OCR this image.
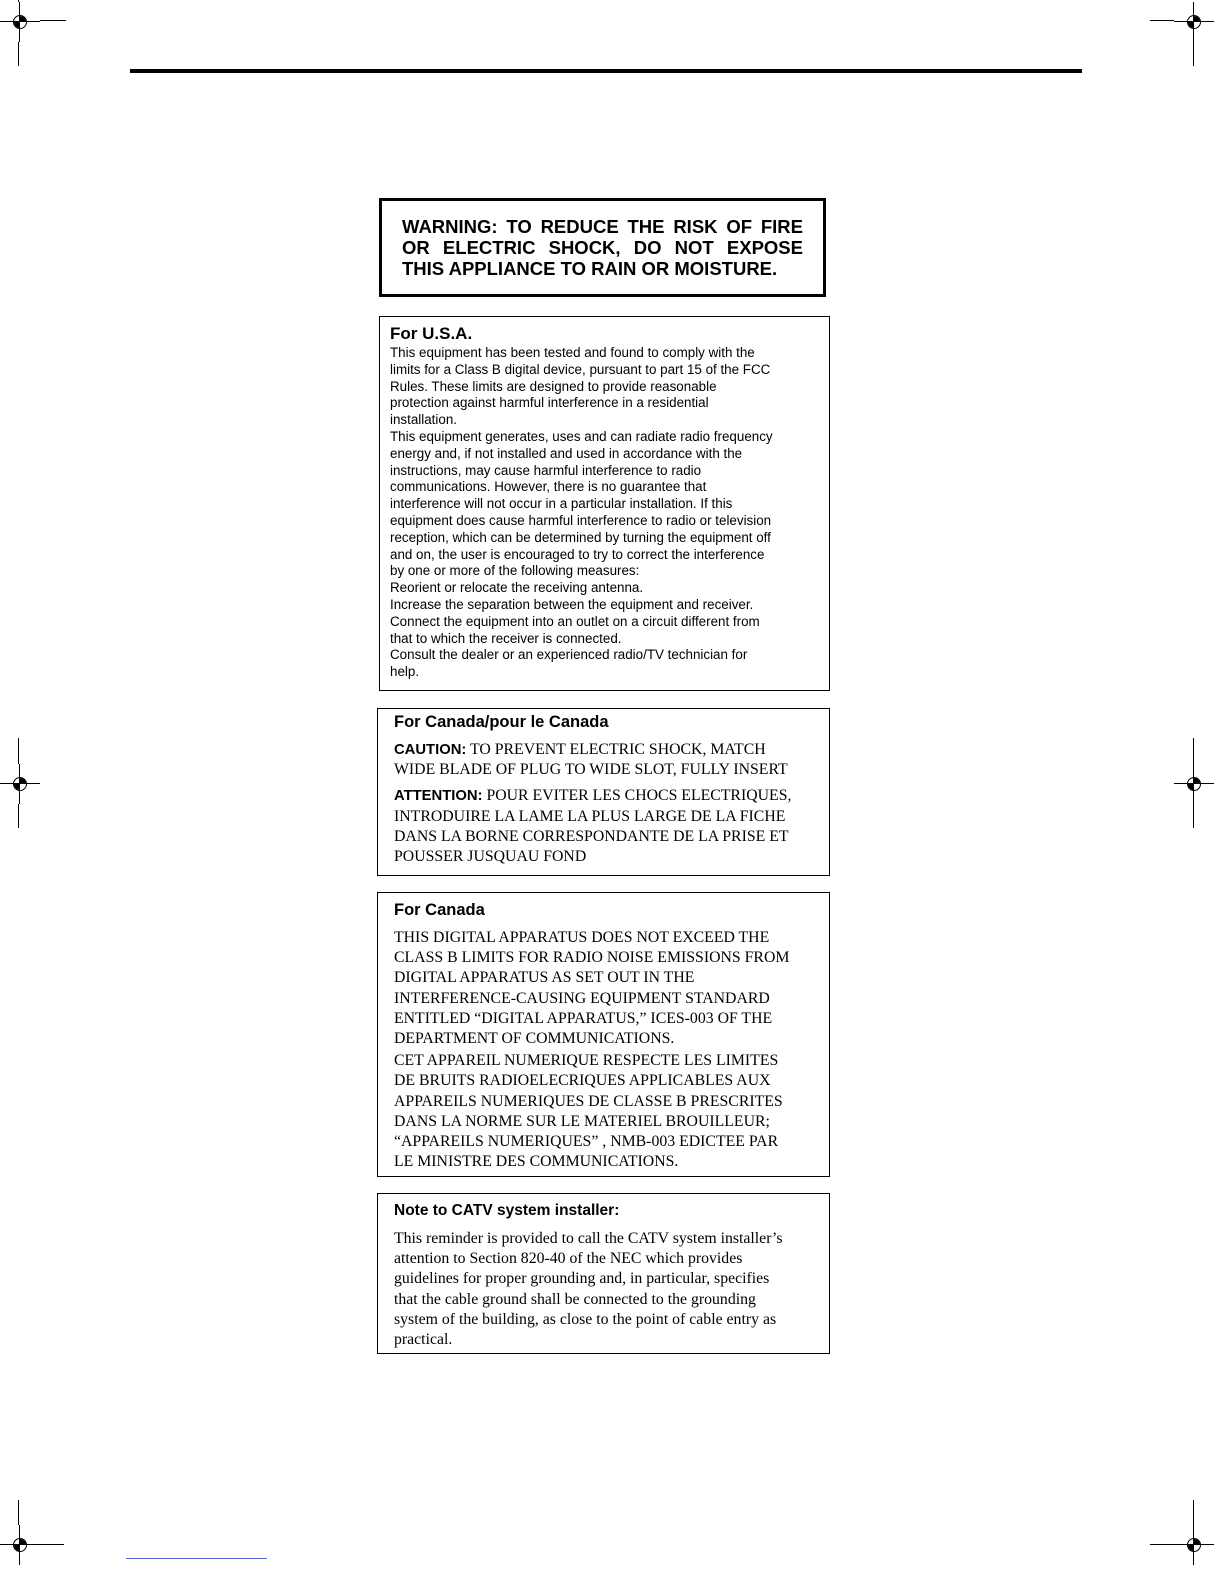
WARNING: TO REDUCE THE RISK OF FIRE
OR ELECTRIC SHOCK, DO NOT EXPOSE
THIS APPLIANCE TO RAIN OR MOISTURE.
For U.S.A.
This equipment has been tested and found to comply with the
limits for a Class B digital device, pursuant to part 15 of the FCC
Rules. These limits are designed to provide reasonable
protection against harmful interference in a residential
installation.
This equipment generates, uses and can radiate radio frequency
energy and, if not installed and used in accordance with the
instructions, may cause harmful interference to radio
communications. However, there is no guarantee that
interference will not occur in a particular installation. If this
equipment does cause harmful interference to radio or television
reception, which can be determined by turning the equipment off
and on, the user is encouraged to try to correct the interference
by one or more of the following measures:
Reorient or relocate the receiving antenna.
Increase the separation between the equipment and receiver.
Connect the equipment into an outlet on a circuit different from
that to which the receiver is connected.
Consult the dealer or an experienced radio/TV technician for
help.
For Canada/pour le Canada
CAUTION: TO PREVENT ELECTRIC SHOCK, MATCH
WIDE BLADE OF PLUG TO WIDE SLOT, FULLY INSERT
ATTENTION: POUR EVITER LES CHOCS ELECTRIQUES,
INTRODUIRE LA LAME LA PLUS LARGE DE LA FICHE
DANS LA BORNE CORRESPONDANTE DE LA PRISE ET
POUSSER JUSQUAU FOND
For Canada
THIS DIGITAL APPARATUS DOES NOT EXCEED THE
CLASS B LIMITS FOR RADIO NOISE EMISSIONS FROM
DIGITAL APPARATUS AS SET OUT IN THE
INTERFERENCE-CAUSING EQUIPMENT STANDARD
ENTITLED “DIGITAL APPARATUS,” ICES-003 OF THE
DEPARTMENT OF COMMUNICATIONS.
CET APPAREIL NUMERIQUE RESPECTE LES LIMITES
DE BRUITS RADIOELECRIQUES APPLICABLES AUX
APPAREILS NUMERIQUES DE CLASSE B PRESCRITES
DANS LA NORME SUR LE MATERIEL BROUILLEUR;
“APPAREILS NUMERIQUES” , NMB-003 EDICTEE PAR
LE MINISTRE DES COMMUNICATIONS.
Note to CATV system installer:
This reminder is provided to call the CATV system installer’s
attention to Section 820-40 of the NEC which provides
guidelines for proper grounding and, in particular, specifies
that the cable ground shall be connected to the grounding
system of the building, as close to the point of cable entry as
practical.
